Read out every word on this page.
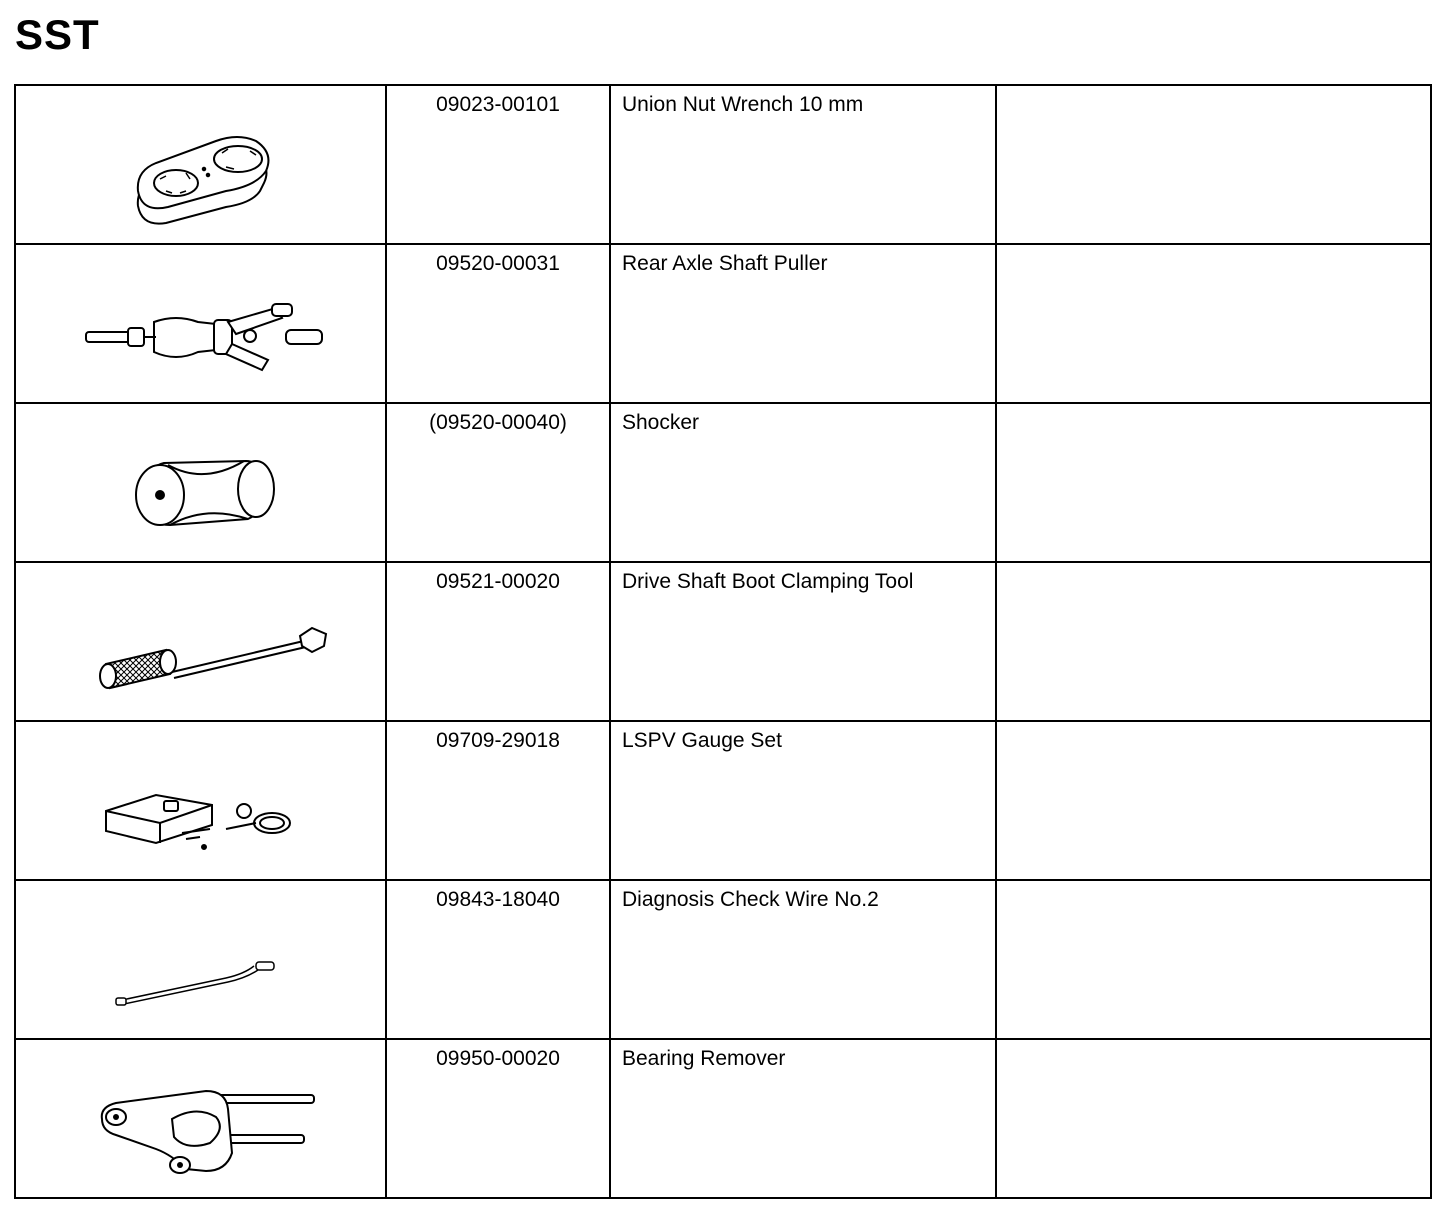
SST

09023-00101	Union Nut Wrench 10 mm	

09520-00031	Rear Axle Shaft Puller	

(09520-00040)	Shocker	

09521-00020	Drive Shaft Boot Clamping Tool	

09709-29018	LSPV Gauge Set	

09843-18040	Diagnosis Check Wire No.2	

09950-00020	Bearing Remover	
